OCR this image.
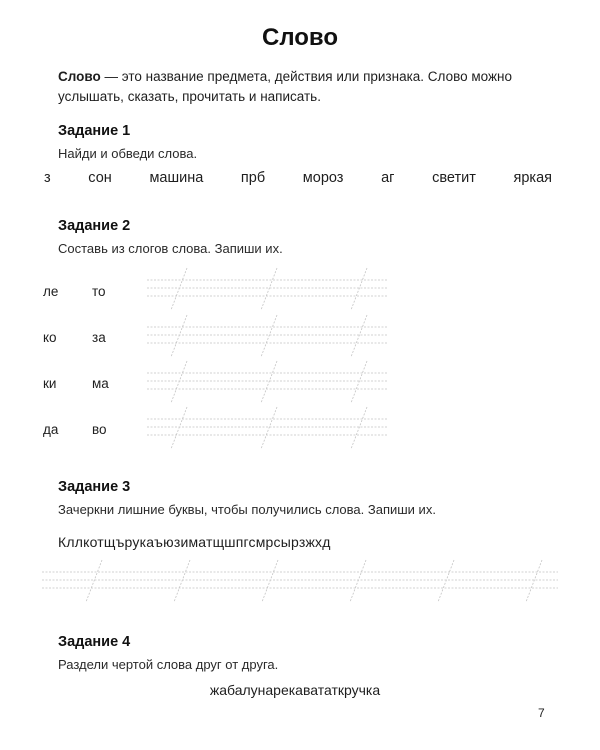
Слово
Слово — это название предмета, действия или признака. Слово можно услышать, сказать, прочитать и написать.
Задание 1
Найди и обведи слова.
з	сон	машина	прб	мороз	аг	светит	яркая
Задание 2
Составь из слогов слова. Запиши их.
ле то
ко	за
ки	ма
да во
Задание 3
Зачеркни лишние буквы, чтобы получились слова. Запиши их.
Кллкотщърукаъюзиматщшпгсмрсырзжхд
Задание 4
Раздели чертой слова друг от друга.
жабалунарекавататкручка
7
